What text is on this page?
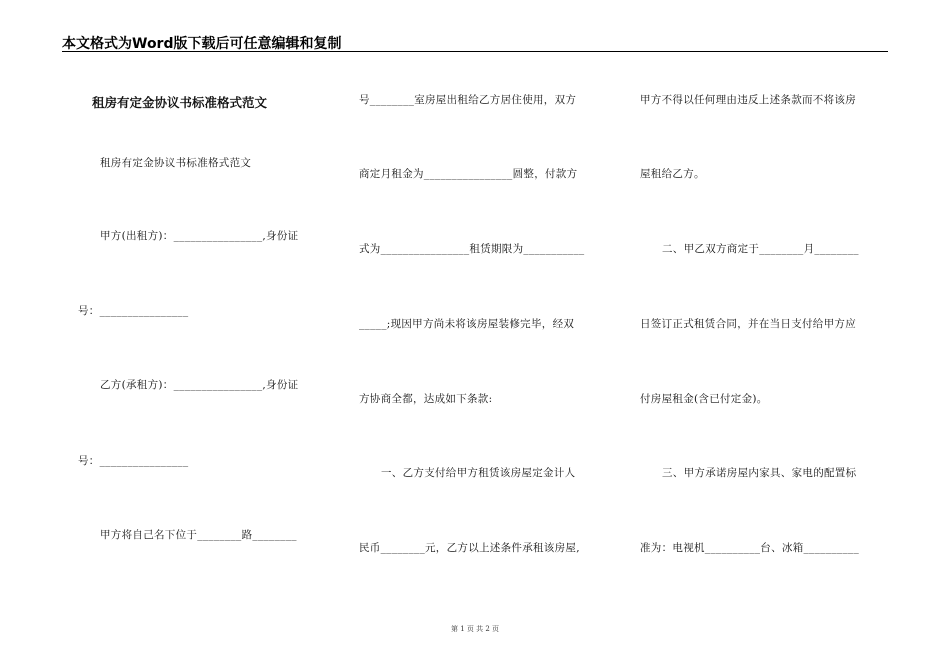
本文格式为Word版下载后可任意编辑和复制
租房有定金协议书标准格式范文
租房有定金协议书标准格式范文
甲方(出租方)：________________,身份证
号：________________
乙方(承租方)：________________,身份证
号：________________
甲方将自己名下位于________路________
号________室房屋出租给乙方居住使用，双方
商定月租金为________________圆整，付款方
式为________________租赁期限为___________
_____;现因甲方尚未将该房屋装修完毕，经双
方协商全都，达成如下条款:
一、乙方支付给甲方租赁该房屋定金计人
民币________元，乙方以上述条件承租该房屋,
甲方不得以任何理由违反上述条款而不将该房
屋租给乙方。
二、甲乙双方商定于________月________
日签订正式租赁合同，并在当日支付给甲方应
付房屋租金(含已付定金)。
三、甲方承诺房屋内家具、家电的配置标
准为：电视机__________台、冰箱__________
第 1 页 共 2 页
